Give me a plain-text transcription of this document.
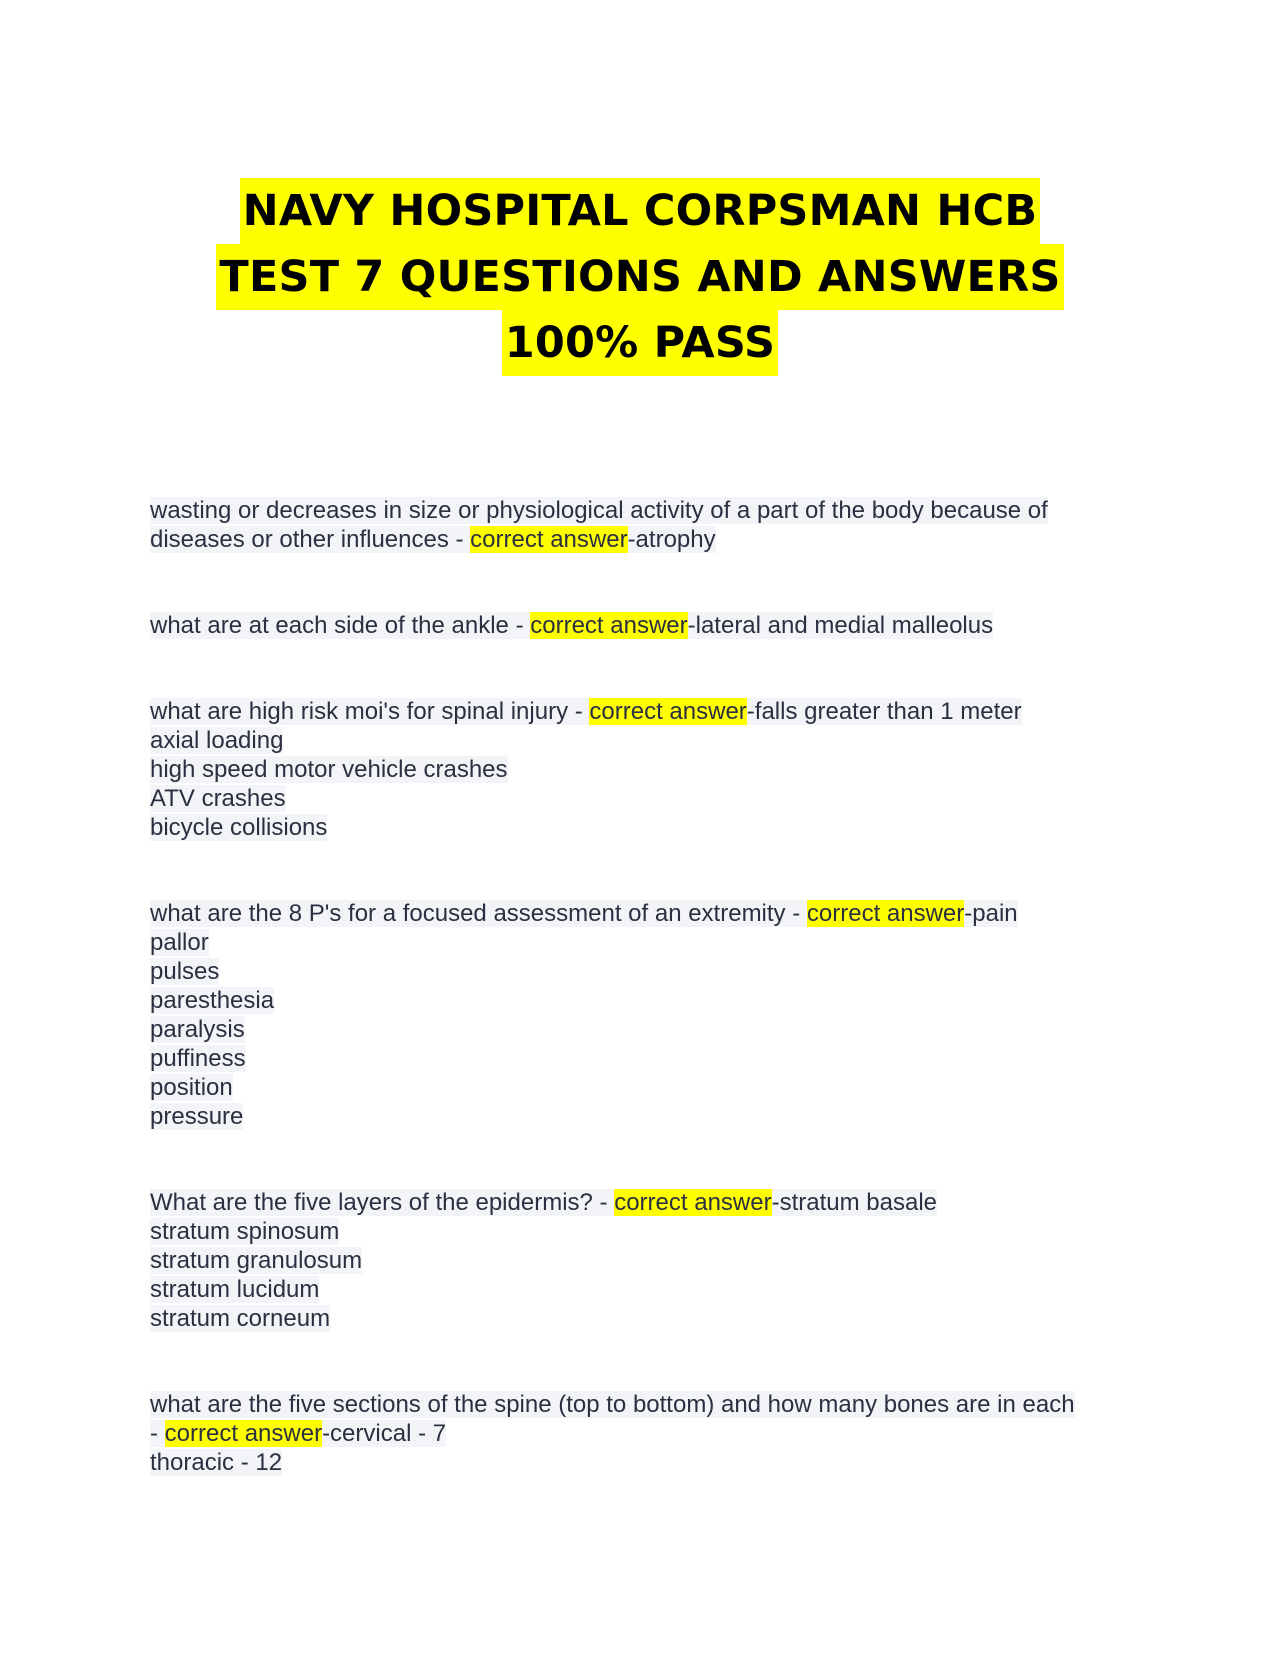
NAVY HOSPITAL CORPSMAN HCB
TEST 7 QUESTIONS AND ANSWERS
100% PASS
wasting or decreases in size or physiological activity of a part of the body because of
diseases or other influences - correct answer-atrophy
what are at each side of the ankle - correct answer-lateral and medial malleolus
what are high risk moi's for spinal injury - correct answer-falls greater than 1 meter
axial loading
high speed motor vehicle crashes
ATV crashes
bicycle collisions
what are the 8 P's for a focused assessment of an extremity - correct answer-pain
pallor
pulses
paresthesia
paralysis
puffiness
position
pressure
What are the five layers of the epidermis? - correct answer-stratum basale
stratum spinosum
stratum granulosum
stratum lucidum
stratum corneum
what are the five sections of the spine (top to bottom) and how many bones are in each
- correct answer-cervical - 7
thoracic - 12
